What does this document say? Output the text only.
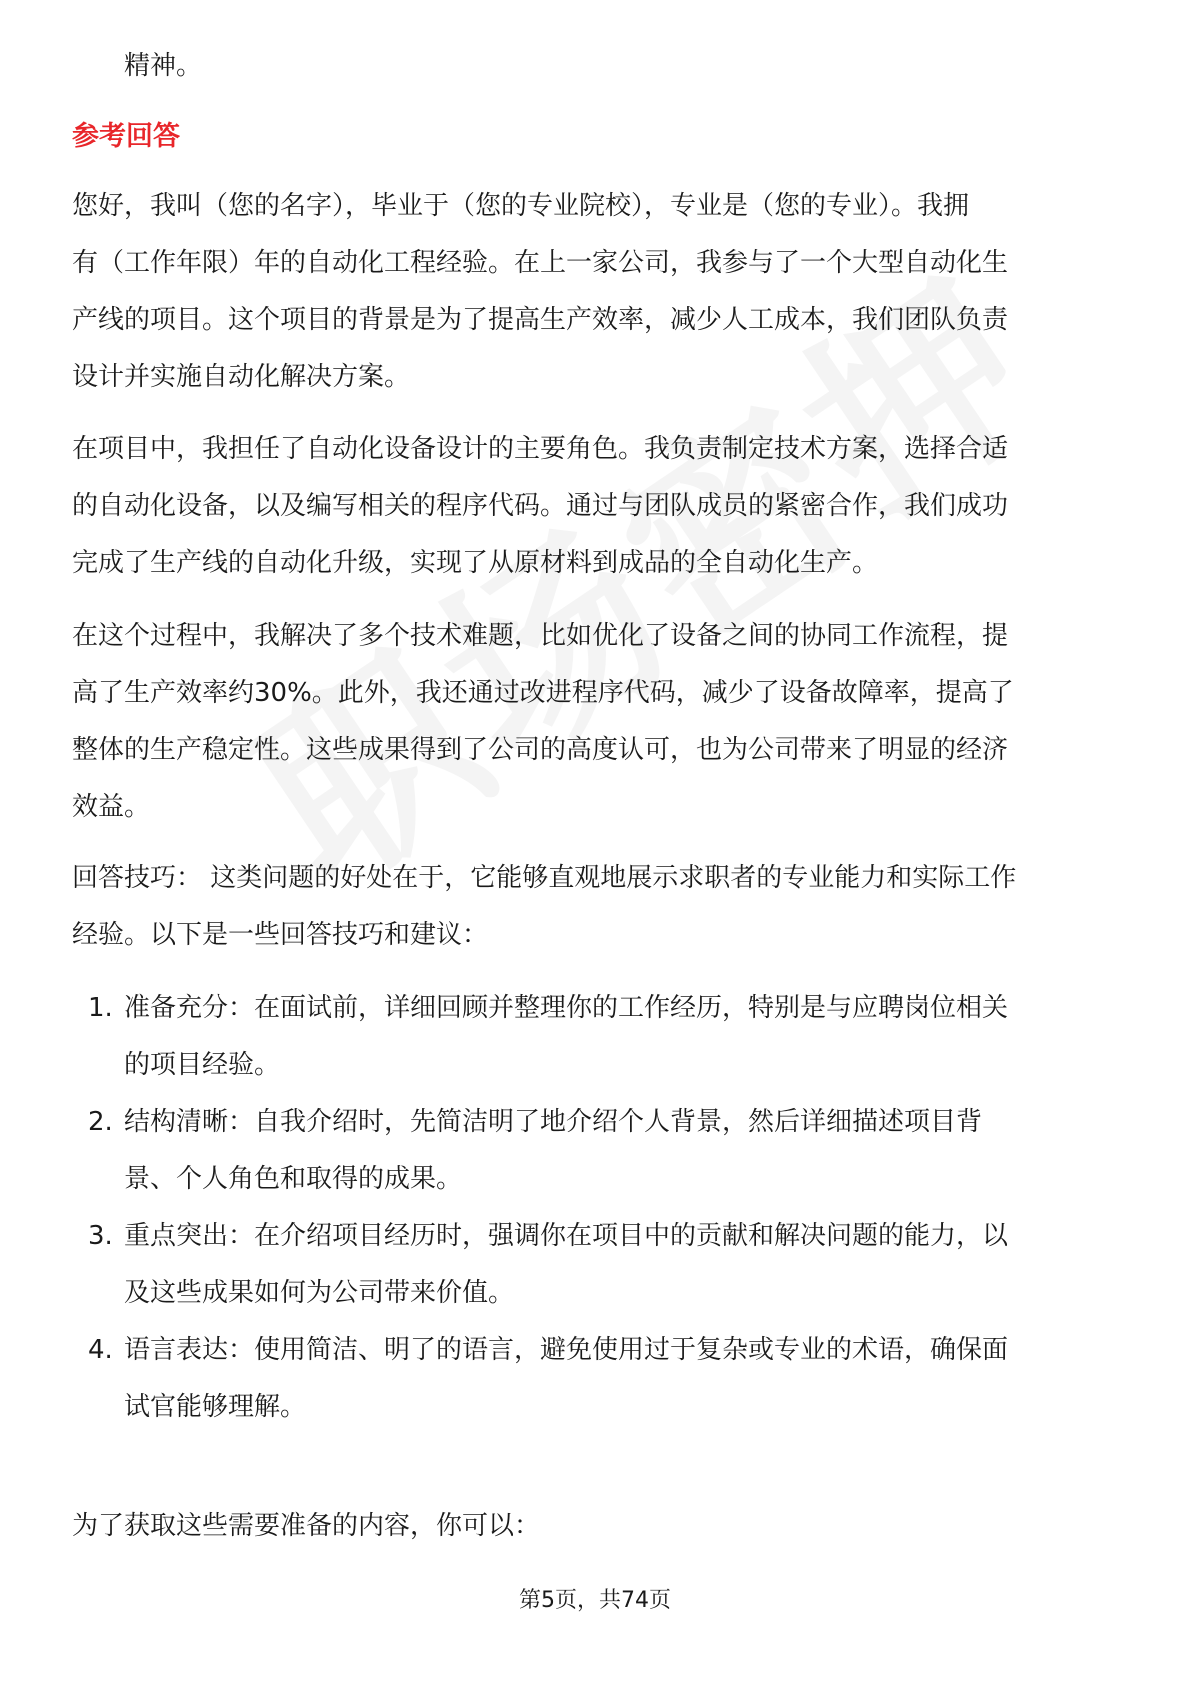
精神。

参考回答

您好，我叫（您的名字），毕业于（您的专业院校），专业是（您的专业）。我拥

有（工作年限）年的自动化工程经验。在上一家公司，我参与了一个大型自动化生

产线的项目。这个项目的背景是为了提高生产效率，减少人工成本，我们团队负责

设计并实施自动化解决方案。

在项目中，我担任了自动化设备设计的主要角色。我负责制定技术方案，选择合适

的自动化设备，以及编写相关的程序代码。通过与团队成员的紧密合作，我们成功

完成了生产线的自动化升级，实现了从原材料到成品的全自动化生产。

在这个过程中，我解决了多个技术难题，比如优化了设备之间的协同工作流程，提

高了生产效率约30%。此外，我还通过改进程序代码，减少了设备故障率，提高了

整体的生产稳定性。这些成果得到了公司的高度认可，也为公司带来了明显的经济

效益。

回答技巧： 这类问题的好处在于，它能够直观地展示求职者的专业能力和实际工作

经验。以下是一些回答技巧和建议：

1. 准备充分：在面试前，详细回顾并整理你的工作经历，特别是与应聘岗位相关

的项目经验。

2. 结构清晰：自我介绍时，先简洁明了地介绍个人背景，然后详细描述项目背

景、个人角色和取得的成果。

3. 重点突出：在介绍项目经历时，强调你在项目中的贡献和解决问题的能力，以

及这些成果如何为公司带来价值。

4. 语言表达：使用简洁、明了的语言，避免使用过于复杂或专业的术语，确保面

试官能够理解。

为了获取这些需要准备的内容，你可以：

第5页，共74页
